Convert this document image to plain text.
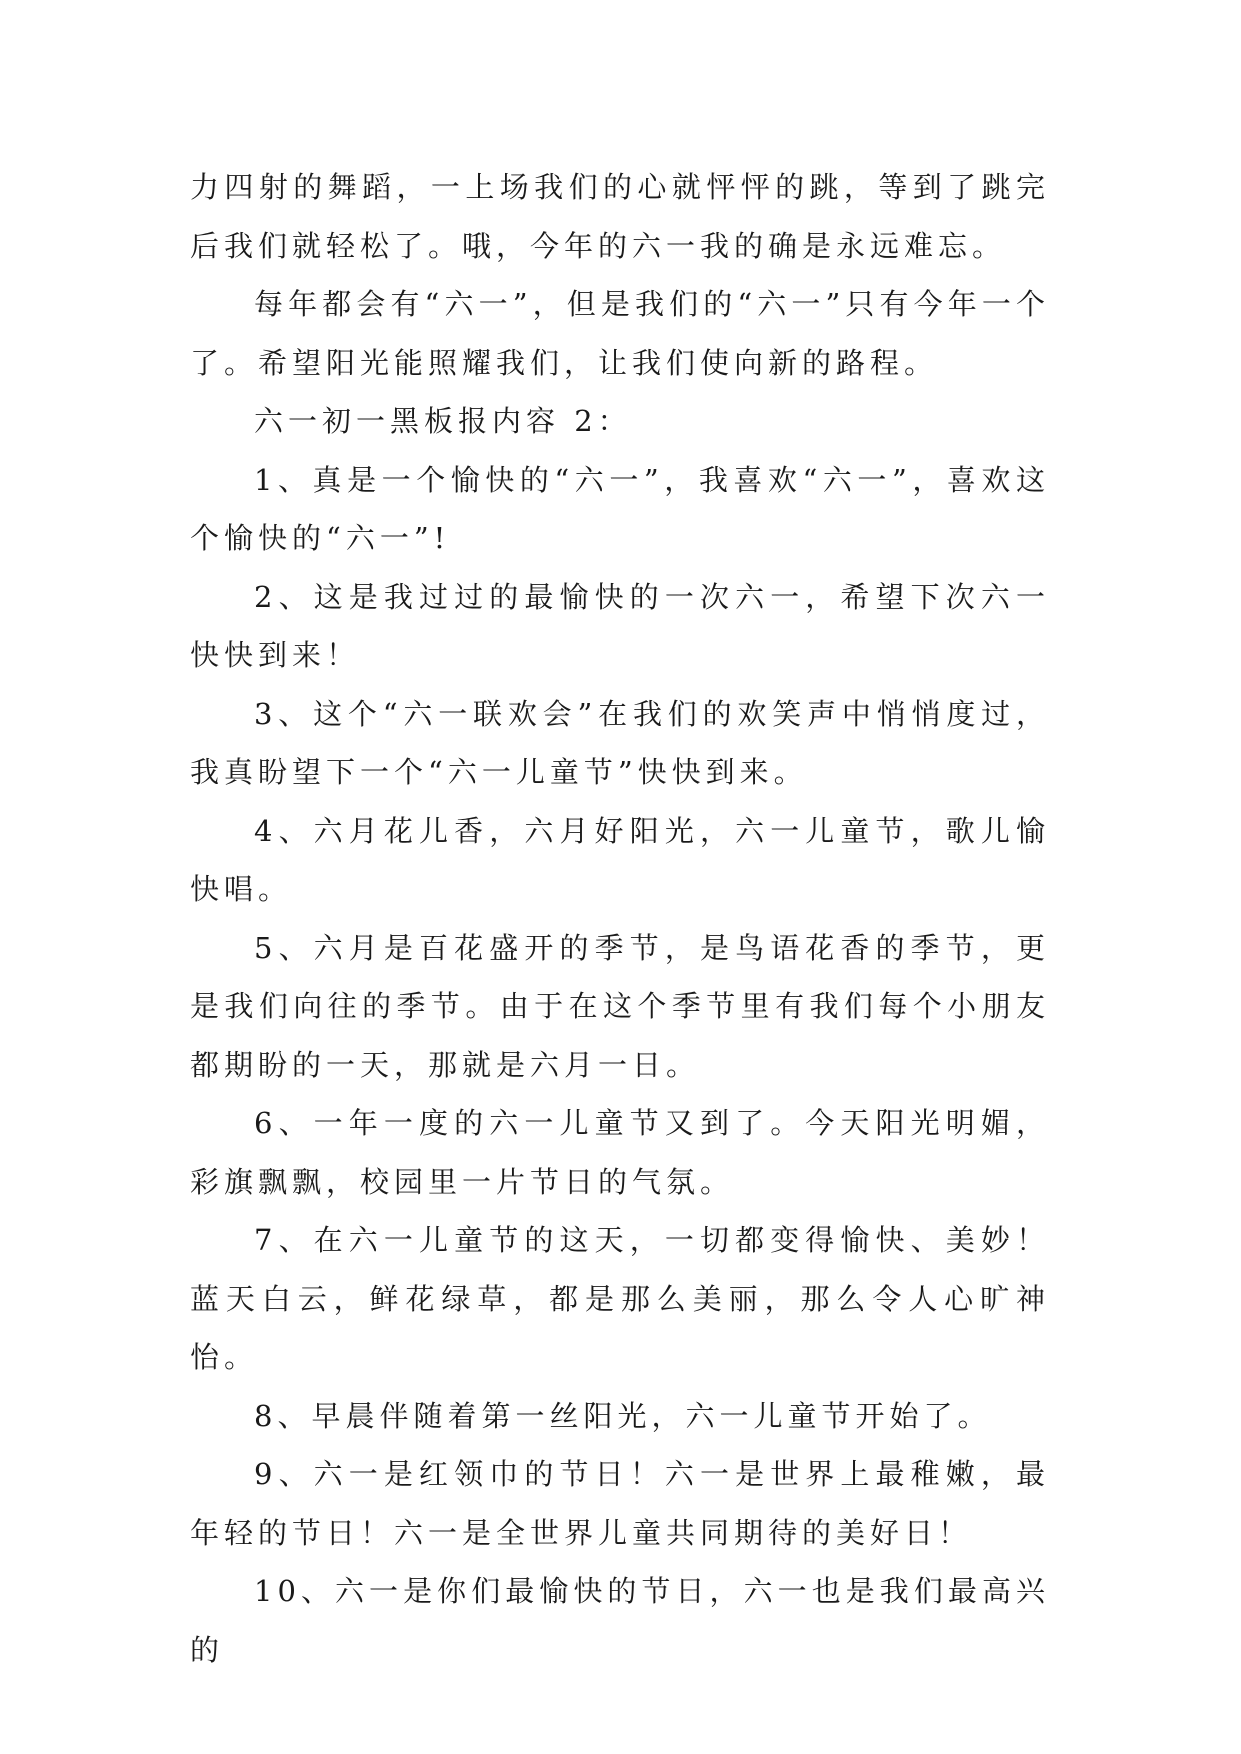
力四射的舞蹈，一上场我们的心就怦怦的跳，等到了跳完后我们就轻松了。哦，今年的六一我的确是永远难忘。

每年都会有“六一”，但是我们的“六一”只有今年一个了。希望阳光能照耀我们，让我们使向新的路程。

六一初一黑板报内容 2：

1、真是一个愉快的“六一”，我喜欢“六一”，喜欢这个愉快的“六一”!

2、这是我过过的最愉快的一次六一，希望下次六一快快到来！

3、这个“六一联欢会”在我们的欢笑声中悄悄度过，我真盼望下一个“六一儿童节”快快到来。

4、六月花儿香，六月好阳光，六一儿童节，歌儿愉快唱。

5、六月是百花盛开的季节，是鸟语花香的季节，更是我们向往的季节。由于在这个季节里有我们每个小朋友都期盼的一天，那就是六月一日。

6、一年一度的六一儿童节又到了。今天阳光明媚，彩旗飘飘，校园里一片节日的气氛。

7、在六一儿童节的这天，一切都变得愉快、美妙！蓝天白云，鲜花绿草，都是那么美丽，那么令人心旷神怡。

8、早晨伴随着第一丝阳光，六一儿童节开始了。

9、六一是红领巾的节日！六一是世界上最稚嫩，最年轻的节日！六一是全世界儿童共同期待的美好日！

10、六一是你们最愉快的节日，六一也是我们最高兴的
